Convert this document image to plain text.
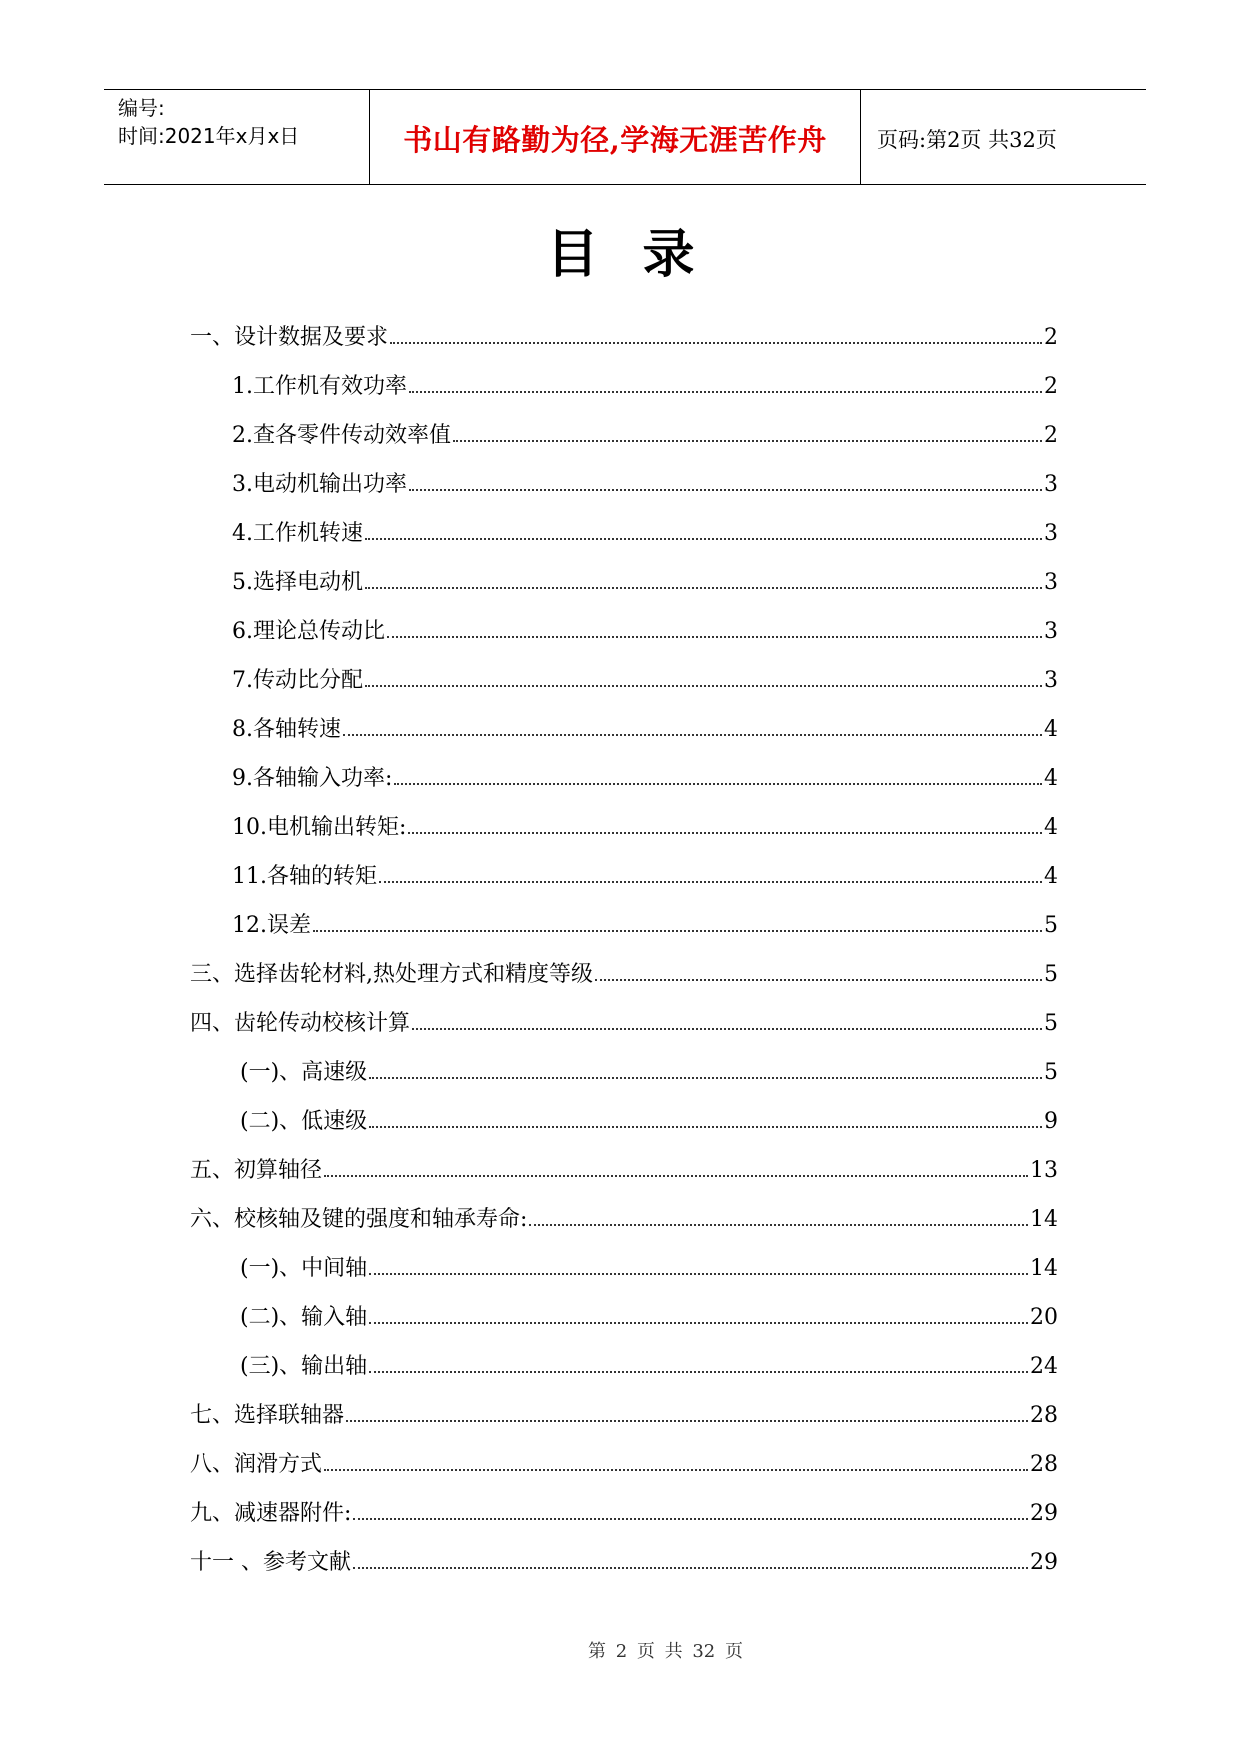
编号:
时间:2021年x月x日	书山有路勤为径,学海无涯苦作舟	页码:第2页 共32页
目录
一、设计数据及要求	2
1.工作机有效功率	2
2.查各零件传动效率值	2
3.电动机输出功率	3
4.工作机转速	3
5.选择电动机	3
6.理论总传动比	3
7.传动比分配	3
8.各轴转速	4
9.各轴输入功率:	4
10.电机输出转矩:	4
11.各轴的转矩	4
12.误差	5
三、选择齿轮材料,热处理方式和精度等级	5
四、齿轮传动校核计算	5
(一)、高速级	5
(二)、低速级	9
五、初算轴径	13
六、校核轴及键的强度和轴承寿命:	14
(一)、中间轴	14
(二)、输入轴	20
(三)、输出轴	24
七、选择联轴器	28
八、润滑方式	28
九、减速器附件:	29
十一 、参考文献	29
第 2 页 共 32 页
